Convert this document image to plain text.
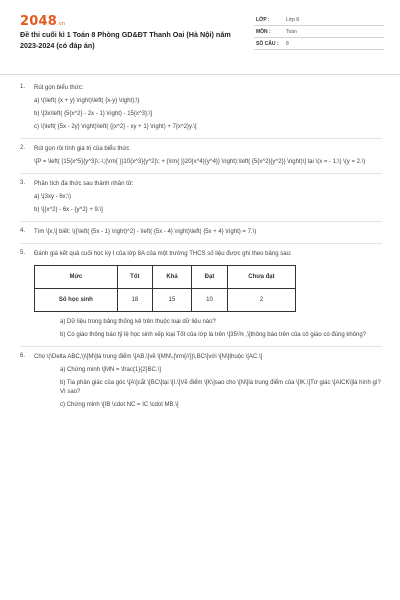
2048.vn
Đề thi cuối kì 1 Toán 8 Phòng GD&ĐT Thanh Oai (Hà Nội) năm 2023-2024 (có đáp án)
LỚP :	Lớp 8
MÔN :	Toán
SỐ CÂU :	8
1.	Rút gọn biểu thức:
a) \(\left( {x + y} \right)\left( {x-y} \right);\)
b) \[3x\left( {5{x^2} - 2x - 1} \right) - 15{x^3};\]
c) \(\left( {5x - 2y} \right)\left( {{x^2} - xy + 1} \right) + 7{x^2}y.\]
2.	Rút gọn rồi tính giá trị của biểu thức
\[P = \left( {15{x^5}{y^3}\;-\;{\rm{ }}10{x^3}{y^2}\; + {\rm{ }}20{x^4}{y^4}} \right):\left( {5{x^2}{y^2}} \right)\] tại \(x = - 1;\) \(y = 2.\)
3.	Phân tích đa thức sau thành nhân tử:
a) \(3xy - 6x;\)
b) \[{x^2} - 6x - {y^2} + 9.\]
4.	Tìm \[x,\] biết: \({\left( {5x - 1} \right)^2} - \left( {5x - 4} \right)\left( {5x + 4} \right) = 7.\)
5.	Đánh giá kết quả cuối học kỳ I của lớp 8A của một trường THCS số liệu được ghi theo bảng sau:
Mức	Tốt	Khá	Đạt	Chưa đạt
Số học sinh	18	15	10	2
a) Dữ liệu trong bảng thống kê trên thuộc loại dữ liệu nào?
b) Có giáo thông báo tỷ lệ học sinh xếp loại Tốt của lớp là trên \[35\% ,\]thông báo trên của cô giáo có đúng không?
6.	Cho \(\Delta ABC,\)\[M\]là trung điểm \[AB,\]vẽ \[MN\,{\rm{//}}\,BC\]với \[N\]thuộc \[AC.\]
a) Chứng minh \[MN = \frac{1}{2}BC.\]
b) Tia phân giác của góc \[A\]cắt \[BC\]tại \[I.\]Vẽ điểm \[K\]sao cho \[N\]là trung điểm của \[IK.\]Tứ giác \[AICK\]là hình gì? Vì sao?
c) Chứng minh \[IB \cdot NC = IC \cdot MB.\]
